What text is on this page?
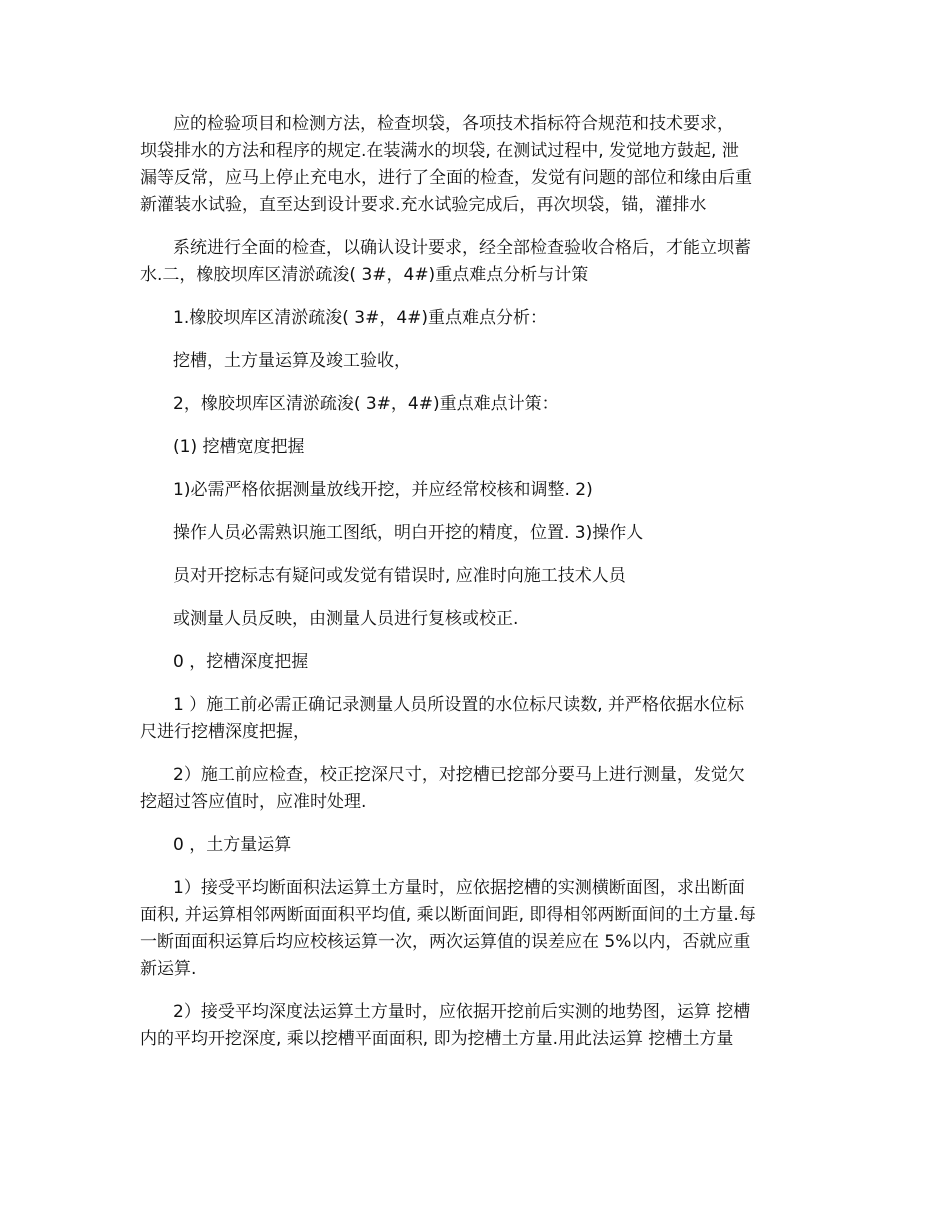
应的检验项目和检测方法，检查坝袋，各项技术指标符合规范和技术要求，
坝袋排水的方法和程序的规定.在装满水的坝袋, 在测试过程中, 发觉地方鼓起, 泄
漏等反常，应马上停止充电水，进行了全面的检查，发觉有问题的部位和缘由后重
新灌装水试验，直至达到设计要求.充水试验完成后，再次坝袋，锚，灌排水

系统进行全面的检查，以确认设计要求，经全部检查验收合格后，才能立坝蓄
水.二，橡胶坝库区清淤疏浚( 3#，4#)重点难点分析与计策

1.橡胶坝库区清淤疏浚( 3#，4#)重点难点分析：

挖槽，土方量运算及竣工验收，

2，橡胶坝库区清淤疏浚( 3#，4#)重点难点计策：

(1) 挖槽宽度把握

1)必需严格依据测量放线开挖，并应经常校核和调整. 2)

操作人员必需熟识施工图纸，明白开挖的精度，位置. 3)操作人

员对开挖标志有疑问或发觉有错误时, 应准时向施工技术人员

或测量人员反映，由测量人员进行复核或校正.

0 ，挖槽深度把握

1 ）施工前必需正确记录测量人员所设置的水位标尺读数, 并严格依据水位标
尺进行挖槽深度把握，

2）施工前应检查，校正挖深尺寸，对挖槽已挖部分要马上进行测量，发觉欠
挖超过答应值时，应准时处理.

0 ，土方量运算

1）接受平均断面积法运算土方量时，应依据挖槽的实测横断面图，求出断面
面积, 并运算相邻两断面面积平均值, 乘以断面间距, 即得相邻两断面间的土方量.每
一断面面积运算后均应校核运算一次，两次运算值的误差应在 5%以内，否就应重
新运算.

2）接受平均深度法运算土方量时，应依据开挖前后实测的地势图，运算 挖槽
内的平均开挖深度, 乘以挖槽平面面积, 即为挖槽土方量.用此法运算 挖槽土方量
